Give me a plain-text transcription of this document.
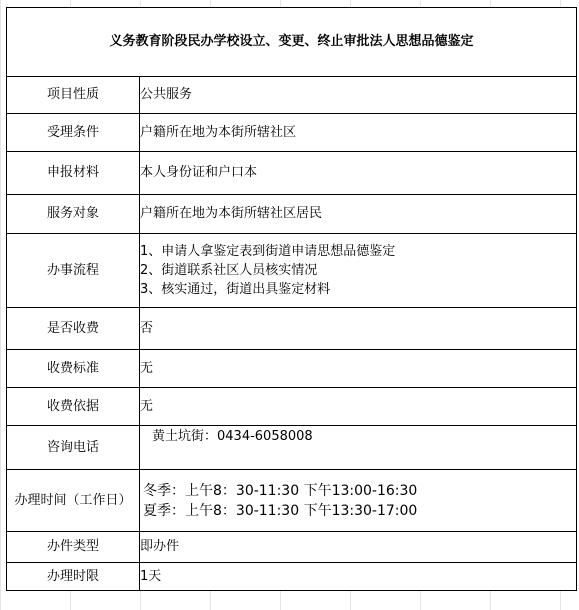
义务教育阶段民办学校设立、变更、终止审批法人思想品德鉴定	
项目性质	公共服务
受理条件	户籍所在地为本街所辖社区
申报材料	本人身份证和户口本
服务对象	户籍所在地为本街所辖社区居民
办事流程	1、申请人拿鉴定表到街道申请思想品德鉴定
2、街道联系社区人员核实情况
3、核实通过，街道出具鉴定材料

是否收费	否
收费标准	无
收费依据	无
咨询电话	黄土坑街：0434-6058008
办理时间（工作日）	冬季：上午8：30-11:30 下午13:00-16:30
夏季：上午8：30-11:30 下午13:30-17:00

办件类型	即办件
办理时限	1天
